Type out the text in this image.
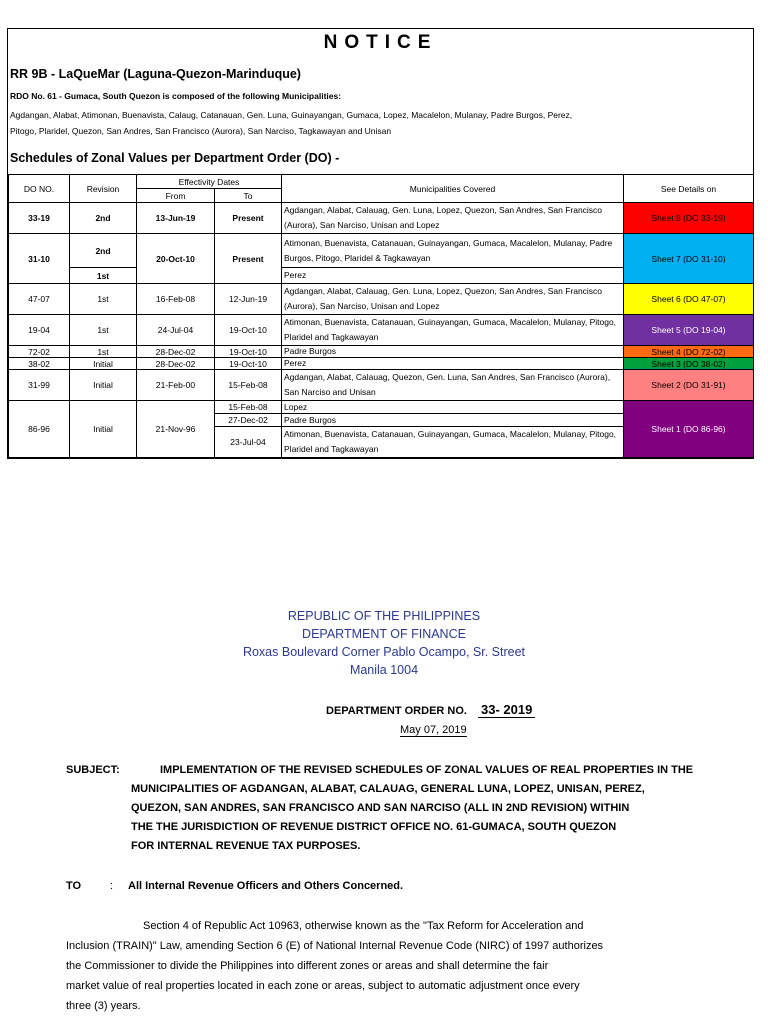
NOTICE
RR 9B - LaQueMar (Laguna-Quezon-Marinduque)
RDO No. 61 - Gumaca, South Quezon is composed of the following Municipalities:
Agdangan, Alabat, Atimonan, Buenavista, Calaug, Catanauan, Gen. Luna, Guinayangan, Gumaca, Lopez, Macalelon, Mulanay, Padre Burgos, Perez,
Pitogo, Plaridel, Quezon, San Andres, San Francisco (Aurora), San Narciso, Tagkawayan and Unisan
Schedules of Zonal Values per Department Order (DO) -
DO NO.	Revision	Effectivity Dates		Municipalities Covered	See Details on
		From	To		
33-19	2nd	13-Jun-19	Present	Agdangan, Alabat, Calauag, Gen. Luna, Lopez, Quezon, San Andres, San Francisco (Aurora), San Narciso, Unisan and Lopez	Sheet 8 (DO 33-19)
31-10	2nd	20-Oct-10	Present	Atimonan, Buenavista, Catanauan, Guinayangan, Gumaca, Macalelon, Mulanay, Padre Burgos, Pitogo, Plaridel & Tagkawayan	Sheet 7 (DO 31-10)
	1st			Perez	
47-07	1st	16-Feb-08	12-Jun-19	Agdangan, Alabat, Calauag, Gen. Luna, Lopez, Quezon, San Andres, San Francisco (Aurora), San Narciso, Unisan and Lopez	Sheet 6 (DO 47-07)
19-04	1st	24-Jul-04	19-Oct-10	Atimonan, Buenavista, Catanauan, Guinayangan, Gumaca, Macalelon, Mulanay, Pitogo, Plaridel and Tagkawayan	Sheet 5 (DO 19-04)
72-02	1st	28-Dec-02	19-Oct-10	Padre Burgos	Sheet 4 (DO 72-02)
38-02	Initial	28-Dec-02	19-Oct-10	Perez	Sheet 3 (DO 38-02)
31-99	Initial	21-Feb-00	15-Feb-08	Agdangan, Alabat, Calauag, Quezon, Gen. Luna, San Andres, San Francisco (Aurora), San Narciso and Unisan	Sheet 2 (DO 31-91)
86-96	Initial	21-Nov-96	15-Feb-08	Lopez	Sheet 1 (DO 86-96)
			27-Dec-02	Padre Burgos	
			23-Jul-04	Atimonan, Buenavista, Catanauan, Guinayangan, Gumaca, Macalelon, Mulanay, Pitogo, Plaridel and Tagkawayan	
REPUBLIC OF THE PHILIPPINES
DEPARTMENT OF FINANCE
Roxas Boulevard Corner Pablo Ocampo, Sr. Street
Manila 1004
DEPARTMENT ORDER NO. 33- 2019
May 07, 2019
SUBJECT:	IMPLEMENTATION OF THE REVISED SCHEDULES OF ZONAL VALUES OF REAL PROPERTIES IN THE
MUNICIPALITIES OF AGDANGAN, ALABAT, CALAUAG, GENERAL LUNA, LOPEZ, UNISAN, PEREZ,
QUEZON, SAN ANDRES, SAN FRANCISCO AND SAN NARCISO (ALL IN 2ND REVISION) WITHIN
THE THE JURISDICTION OF REVENUE DISTRICT OFFICE NO. 61-GUMACA, SOUTH QUEZON
FOR INTERNAL REVENUE TAX PURPOSES.
TO	: All Internal Revenue Officers and Others Concerned.
Section 4 of Republic Act 10963, otherwise known as the "Tax Reform for Acceleration and
Inclusion (TRAIN)" Law, amending Section 6 (E) of National Internal Revenue Code (NIRC) of 1997 authorizes
the Commissioner to divide the Philippines into different zones or areas and shall determine the fair
market value of real properties located in each zone or areas, subject to automatic adjustment once every
three (3) years.
